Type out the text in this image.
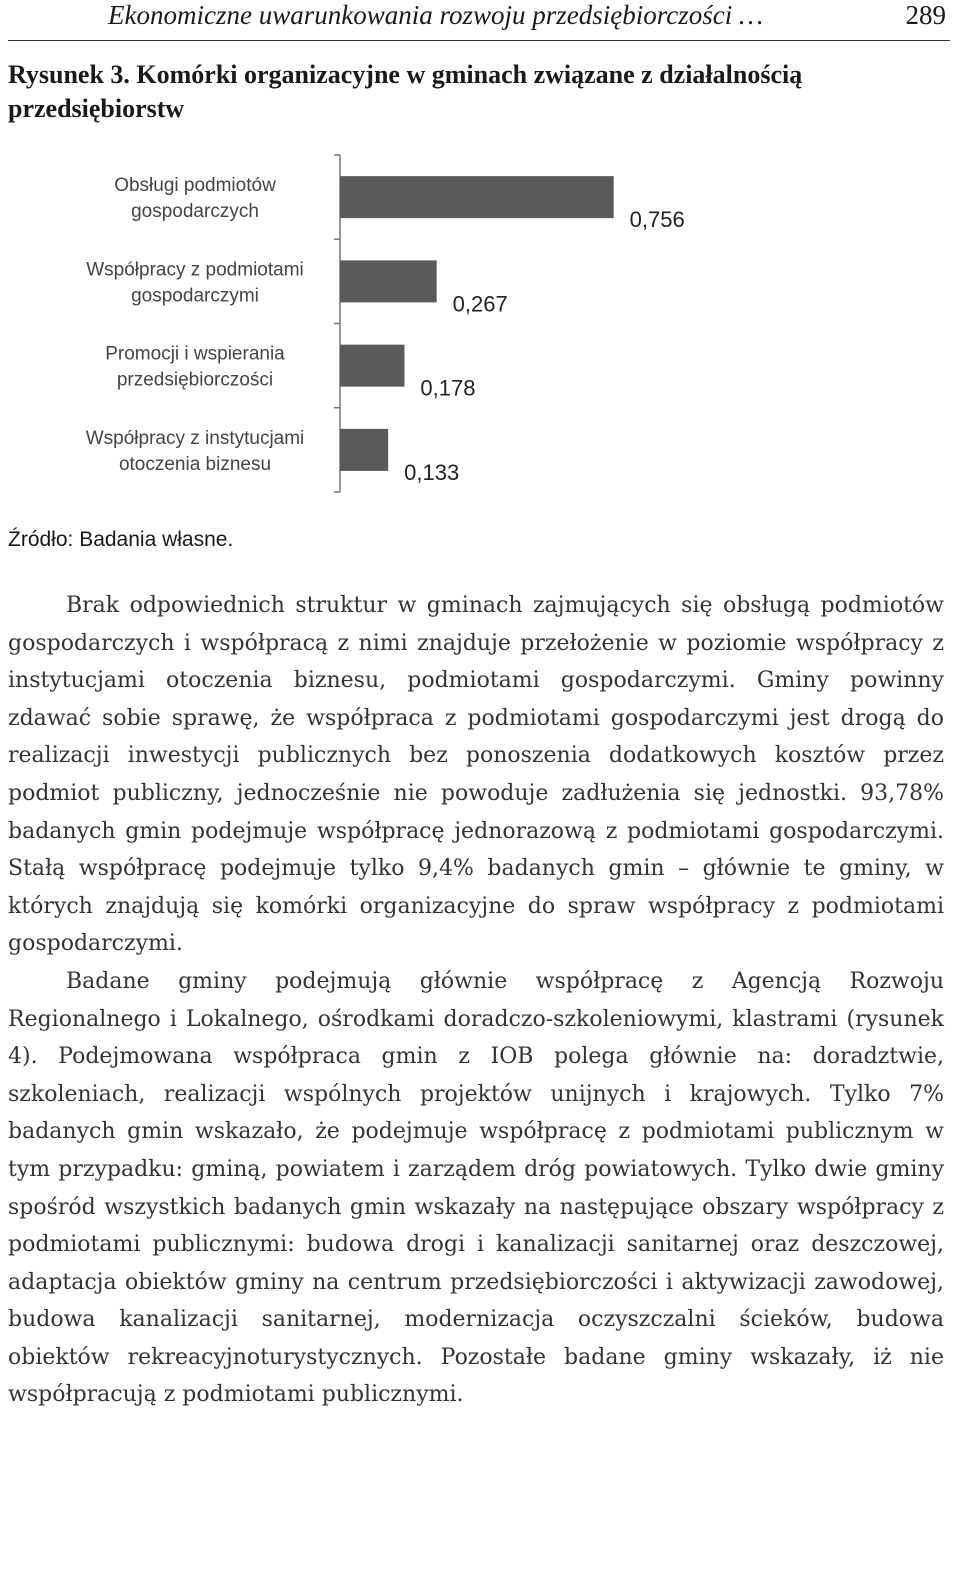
Ekonomiczne uwarunkowania rozwoju przedsiębiorczości …	289
Rysunek 3. Komórki organizacyjne w gminach związane z działalnością przedsiębiorstw
Obsługi podmiotów gospodarczych	0,756
Współpracy z podmiotami gospodarczymi	0,267
Promocji i wspierania przedsiębiorczości	0,178
Współpracy z instytucjami otoczenia biznesu	0,133
Źródło: Badania własne.

Brak odpowiednich struktur w gminach zajmujących się obsługą podmiotów gospodarczych i współpracą z nimi znajduje przełożenie w poziomie współpracy z instytucjami otoczenia biznesu, podmiotami gospodarczymi. Gminy powinny zdawać sobie sprawę, że współpraca z podmiotami gospodarczymi jest drogą do realizacji inwestycji publicznych bez ponoszenia dodatkowych kosztów przez podmiot publiczny, jednocześnie nie powoduje zadłużenia się jednostki. 93,78% badanych gmin podejmuje współpracę jednorazową z podmiotami gospodarczymi. Stałą współpracę podejmuje tylko 9,4% badanych gmin – głównie te gminy, w których znajdują się komórki organizacyjne do spraw współpracy z podmiotami gospodarczymi.

Badane gminy podejmują głównie współpracę z Agencją Rozwoju Regionalnego i Lokalnego, ośrodkami doradczo-szkoleniowymi, klastrami (rysunek 4). Podejmowana współpraca gmin z IOB polega głównie na: doradztwie, szkoleniach, realizacji wspólnych projektów unijnych i krajowych. Tylko 7% badanych gmin wskazało, że podejmuje współpracę z podmiotami publicznym w tym przypadku: gminą, powiatem i zarządem dróg powiatowych. Tylko dwie gminy spośród wszystkich badanych gmin wskazały na następujące obszary współpracy z podmiotami publicznymi: budowa drogi i kanalizacji sanitarnej oraz deszczowej, adaptacja obiektów gminy na centrum przedsiębiorczości i aktywizacji zawodowej, budowa kanalizacji sanitarnej, modernizacja oczyszczalni ścieków, budowa obiektów rekreacyjnoturystycznych. Pozostałe badane gminy wskazały, iż nie współpracują z podmiotami publicznymi.
